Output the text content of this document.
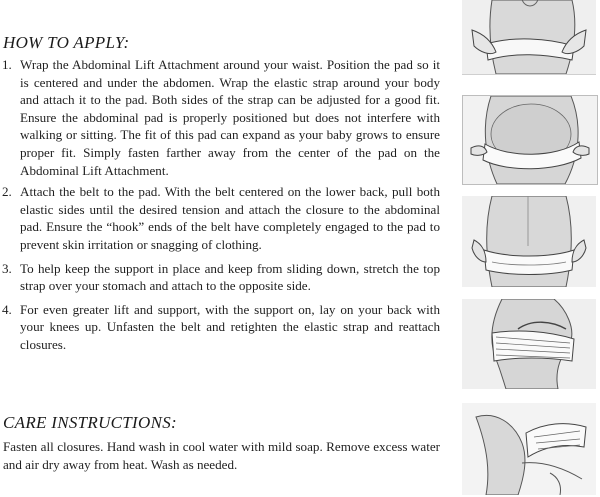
HOW TO APPLY:
1. Wrap the Abdominal Lift Attachment around your waist. Position the pad so it is centered and under the abdomen. Wrap the elastic strap around your body and attach it to the pad. Both sides of the strap can be adjusted for a good fit. Ensure the abdominal pad is properly positioned but does not interfere with walking or sitting. The fit of this pad can expand as your baby grows to ensure proper fit. Simply fasten farther away from the center of the pad on the Abdominal Lift Attachment.
2. Attach the belt to the pad. With the belt centered on the lower back, pull both elastic sides until the desired tension and attach the closure to the abdominal pad. Ensure the “hook” ends of the belt have completely engaged to the pad to prevent skin irritation or snagging of clothing.
3. To help keep the support in place and keep from sliding down, stretch the top strap over your stomach and attach to the opposite side.
4. For even greater lift and support, with the support on, lay on your back with your knees up. Unfasten the belt and retighten the elastic strap and reattach closures.
CARE INSTRUCTIONS:

Fasten all closures. Hand wash in cool water with mild soap. Remove excess water and air dry away from heat. Wash as needed.
